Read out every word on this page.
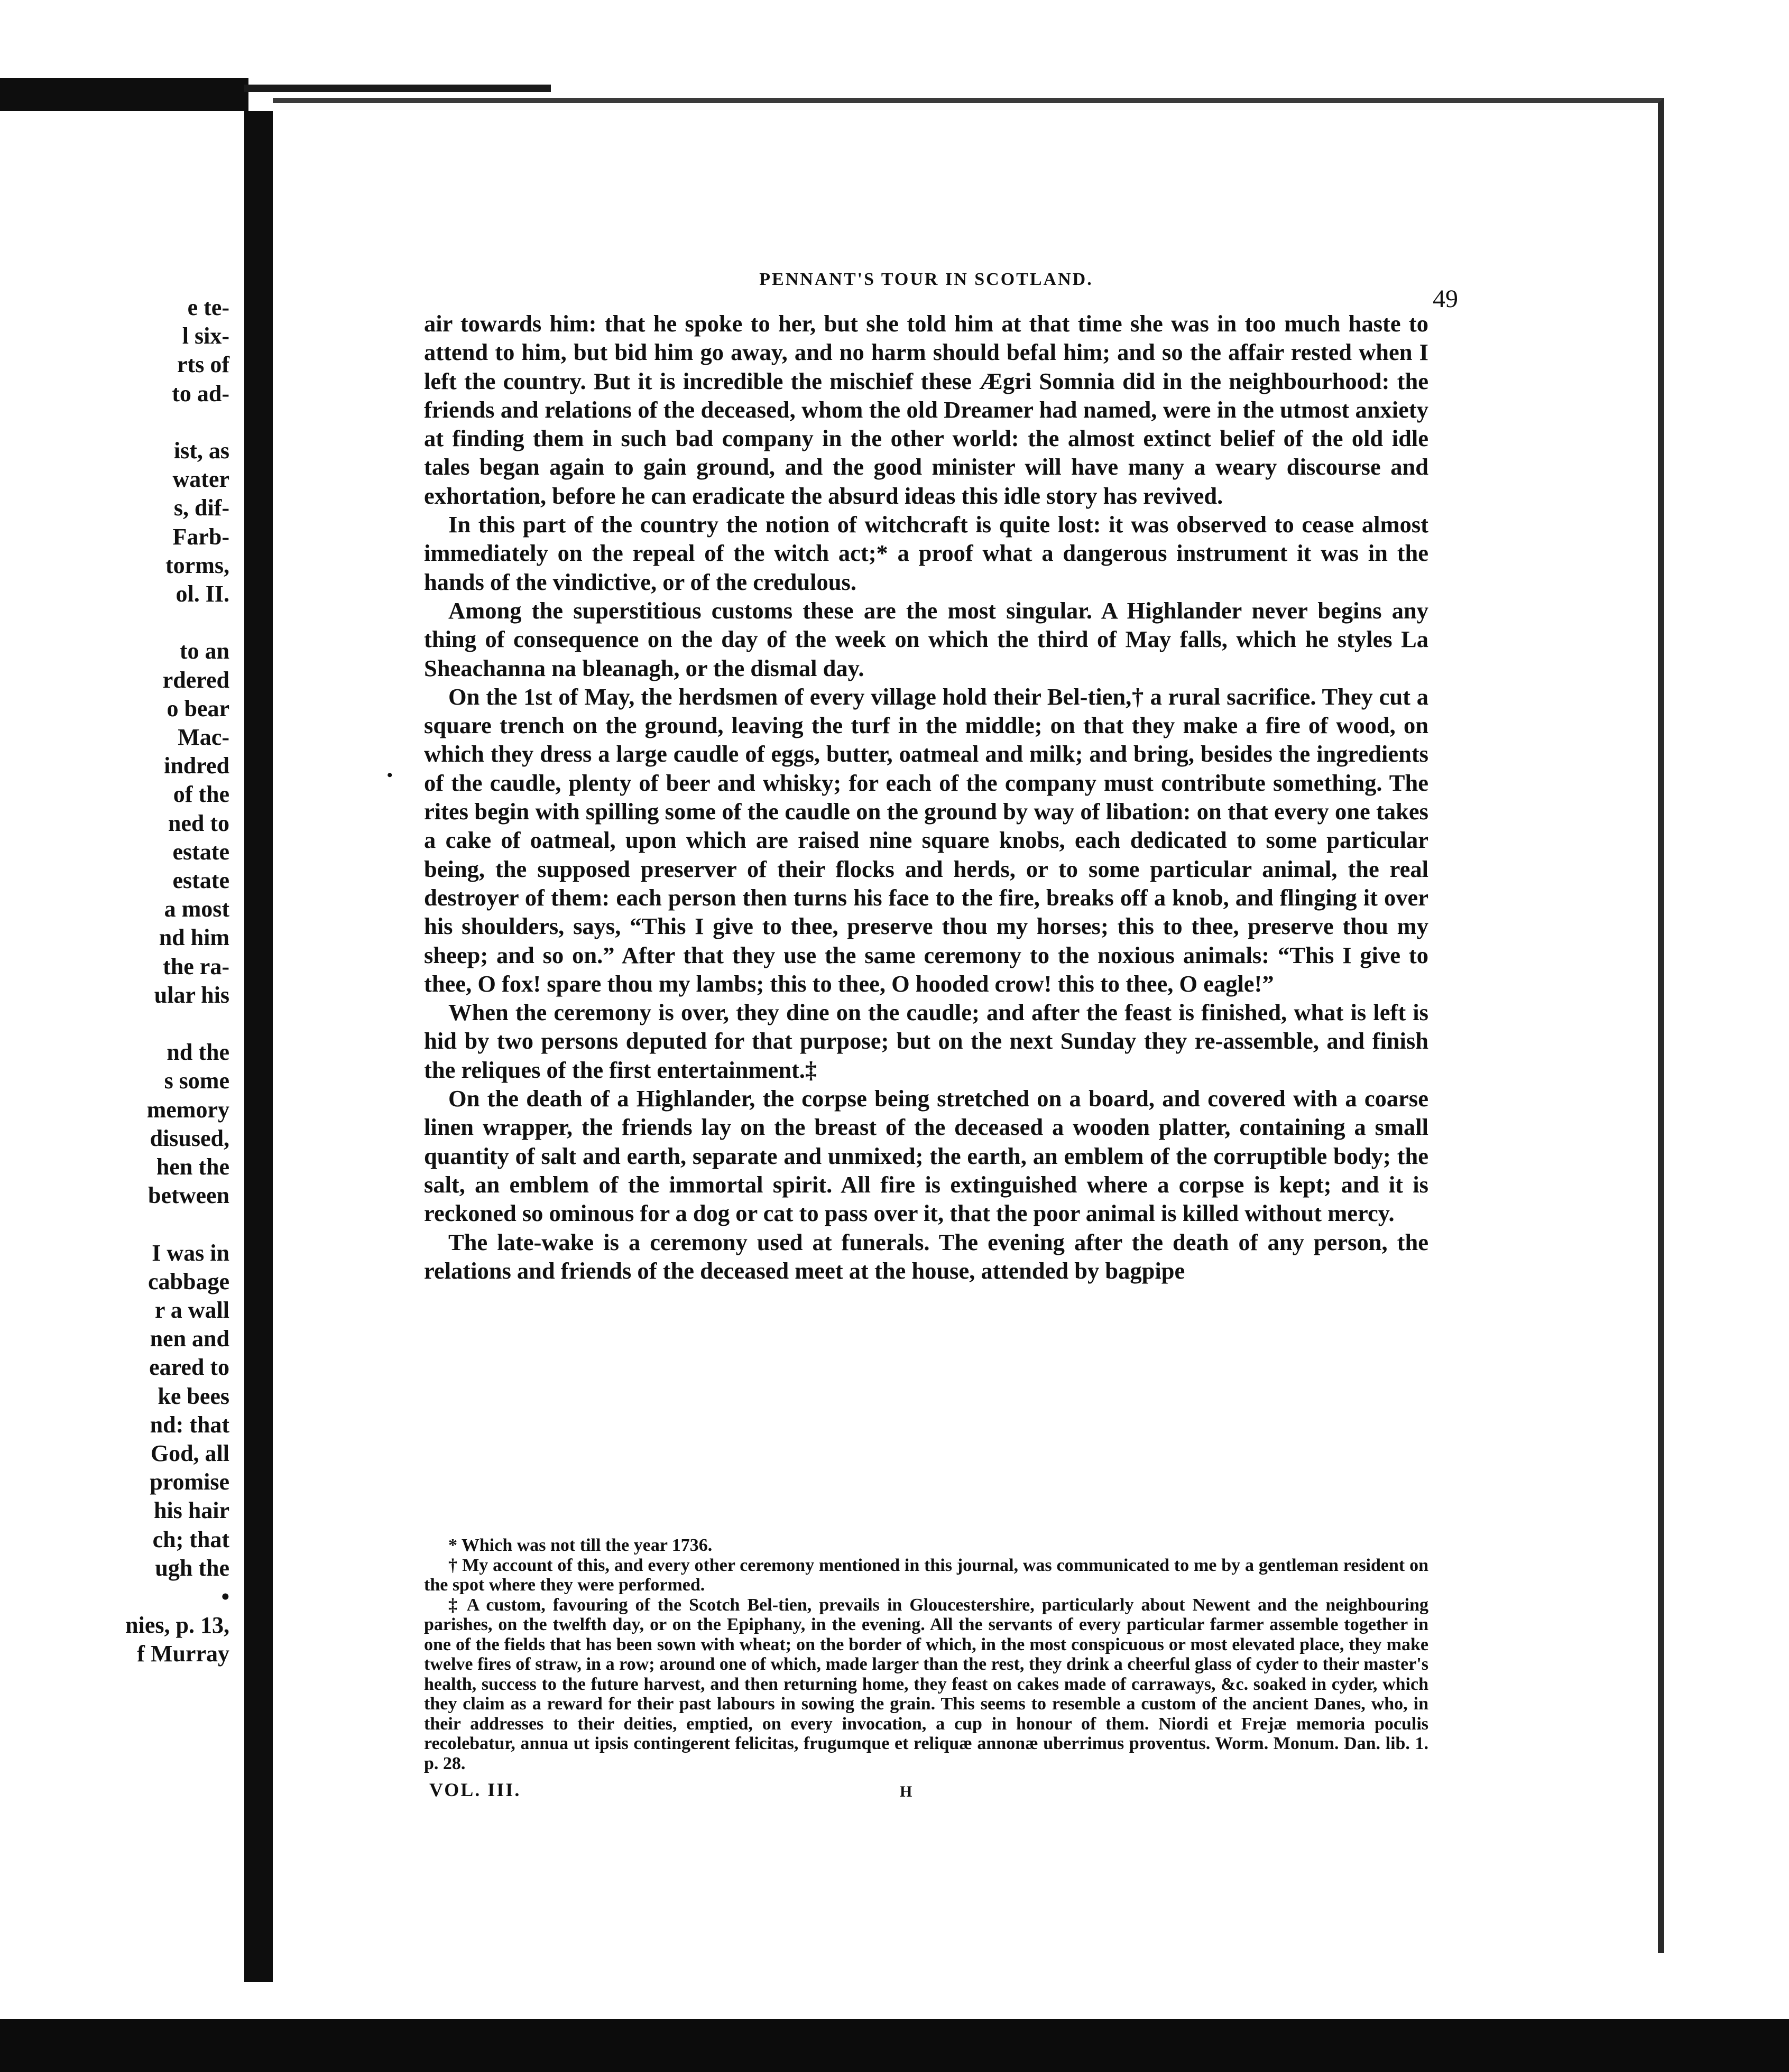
e te-
l six-
rts of
to ad-
ist, as
water
s, dif-
Farb-
torms,
ol. II.
to an
rdered
o bear
Mac-
indred
of the
ned to
estate
estate
a most
nd him
the ra-
ular his
nd the
s some
memory
disused,
hen the
between
I was in
cabbage
r a wall
nen and
eared to
ke bees
nd: that
God, all
promise
his hair
ch; that
ugh the
•
nies, p. 13,
f Murray
PENNANT'S TOUR IN SCOTLAND.
49

air towards him: that he spoke to her, but she told him at that time she was in too much haste to attend to him, but bid him go away, and no harm should befal him; and so the affair rested when I left the country. But it is incredible the mischief these Ægri Somnia did in the neighbourhood: the friends and relations of the deceased, whom the old Dreamer had named, were in the utmost anxiety at finding them in such bad company in the other world: the almost extinct belief of the old idle tales began again to gain ground, and the good minister will have many a weary discourse and exhortation, before he can eradicate the absurd ideas this idle story has revived.

In this part of the country the notion of witchcraft is quite lost: it was observed to cease almost immediately on the repeal of the witch act;* a proof what a dangerous instrument it was in the hands of the vindictive, or of the credulous.

Among the superstitious customs these are the most singular. A Highlander never begins any thing of consequence on the day of the week on which the third of May falls, which he styles La Sheachanna na bleanagh, or the dismal day.

On the 1st of May, the herdsmen of every village hold their Bel-tien,† a rural sacrifice. They cut a square trench on the ground, leaving the turf in the middle; on that they make a fire of wood, on which they dress a large caudle of eggs, butter, oatmeal and milk; and bring, besides the ingredients of the caudle, plenty of beer and whisky; for each of the company must contribute something. The rites begin with spilling some of the caudle on the ground by way of libation: on that every one takes a cake of oatmeal, upon which are raised nine square knobs, each dedicated to some particular being, the supposed preserver of their flocks and herds, or to some particular animal, the real destroyer of them: each person then turns his face to the fire, breaks off a knob, and flinging it over his shoulders, says, “This I give to thee, preserve thou my horses; this to thee, preserve thou my sheep; and so on.” After that they use the same ceremony to the noxious animals: “This I give to thee, O fox! spare thou my lambs; this to thee, O hooded crow! this to thee, O eagle!”

When the ceremony is over, they dine on the caudle; and after the feast is finished, what is left is hid by two persons deputed for that purpose; but on the next Sunday they re-assemble, and finish the reliques of the first entertainment.‡

On the death of a Highlander, the corpse being stretched on a board, and covered with a coarse linen wrapper, the friends lay on the breast of the deceased a wooden platter, containing a small quantity of salt and earth, separate and unmixed; the earth, an emblem of the corruptible body; the salt, an emblem of the immortal spirit. All fire is extinguished where a corpse is kept; and it is reckoned so ominous for a dog or cat to pass over it, that the poor animal is killed without mercy.

The late-wake is a ceremony used at funerals. The evening after the death of any person, the relations and friends of the deceased meet at the house, attended by bagpipe

* Which was not till the year 1736.

† My account of this, and every other ceremony mentioned in this journal, was communicated to me by a gentleman resident on the spot where they were performed.

‡ A custom, favouring of the Scotch Bel-tien, prevails in Gloucestershire, particularly about Newent and the neighbouring parishes, on the twelfth day, or on the Epiphany, in the evening. All the servants of every particular farmer assemble together in one of the fields that has been sown with wheat; on the border of which, in the most conspicuous or most elevated place, they make twelve fires of straw, in a row; around one of which, made larger than the rest, they drink a cheerful glass of cyder to their master's health, success to the future harvest, and then returning home, they feast on cakes made of carraways, &c. soaked in cyder, which they claim as a reward for their past labours in sowing the grain. This seems to resemble a custom of the ancient Danes, who, in their addresses to their deities, emptied, on every invocation, a cup in honour of them. Niordi et Frejæ memoria poculis recolebatur, annua ut ipsis contingerent felicitas, frugumque et reliquæ annonæ uberrimus proventus. Worm. Monum. Dan. lib. 1. p. 28.

VOL. III.	H
•
